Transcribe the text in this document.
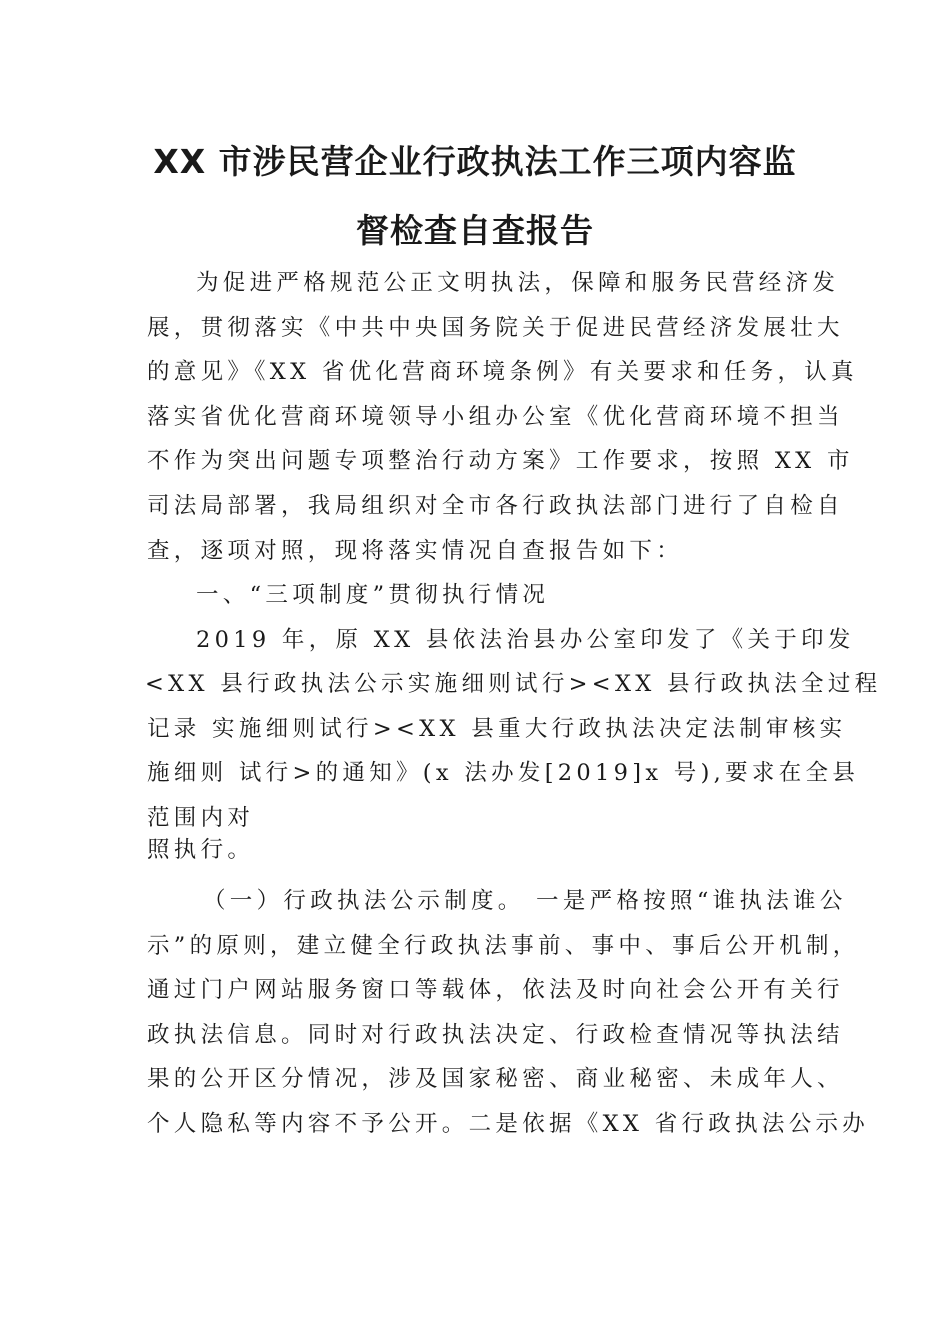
XX 市涉民营企业行政执法工作三项内容监
督检查自查报告
为促进严格规范公正文明执法，保障和服务民营经济发
展，贯彻落实《中共中央国务院关于促进民营经济发展壮大
的意见》《XX 省优化营商环境条例》有关要求和任务，认真
落实省优化营商环境领导小组办公室《优化营商环境不担当
不作为突出问题专项整治行动方案》工作要求，按照 XX 市
司法局部署，我局组织对全市各行政执法部门进行了自检自
查，逐项对照，现将落实情况自查报告如下：
一、“三项制度”贯彻执行情况
2019 年，原 XX 县依法治县办公室印发了《关于印发
<XX 县行政执法公示实施细则试行><XX 县行政执法全过程
记录 实施细则试行><XX 县重大行政执法决定法制审核实
施细则 试行>的通知》(x 法办发[2019]x 号),要求在全县
范围内对
照执行。
（一）行政执法公示制度。 一是严格按照“谁执法谁公
示”的原则，建立健全行政执法事前、事中、事后公开机制，
通过门户网站服务窗口等载体，依法及时向社会公开有关行
政执法信息。同时对行政执法决定、行政检查情况等执法结
果的公开区分情况，涉及国家秘密、商业秘密、未成年人、
个人隐私等内容不予公开。二是依据《XX 省行政执法公示办
